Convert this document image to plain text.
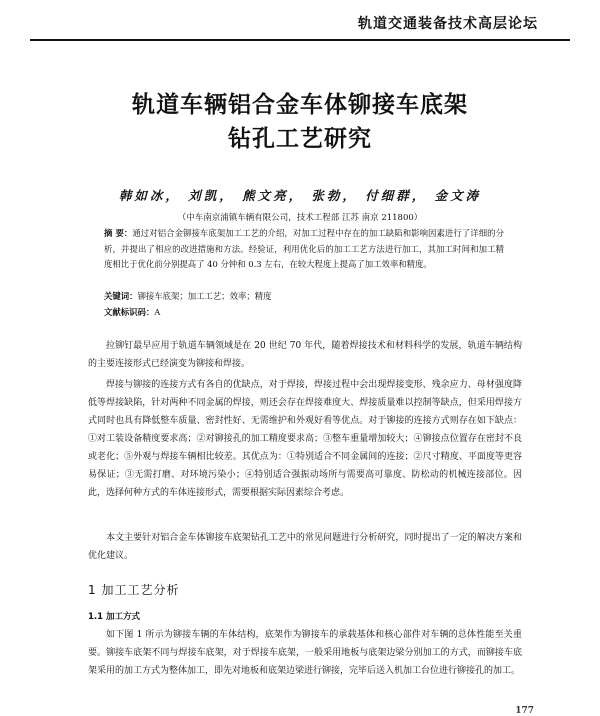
轨道交通装备技术高层论坛
轨道车辆铝合金车体铆接车底架
钻孔工艺研究
韩如冰， 刘凯， 熊文亮， 张勃， 付细群， 金文涛
（中车南京浦镇车辆有限公司，技术工程部 江苏 南京 211800）
摘 要：通过对铝合金铆接车底架加工工艺的介绍，对加工过程中存在的加工缺陷和影响因素进行了详细的分析，并提出了相应的改进措施和方法。经验证，利用优化后的加工工艺方法进行加工，其加工时间和加工精度相比于优化前分别提高了 40 分钟和 0.3 左右，在较大程度上提高了加工效率和精度。
关键词：铆接车底架；加工工艺；效率；精度
文献标识码：A
拉铆钉最早应用于轨道车辆领域是在 20 世纪 70 年代，随着焊接技术和材料科学的发展，轨道车辆结构的主要连接形式已经演变为铆接和焊接。
焊接与铆接的连接方式有各自的优缺点，对于焊接，焊接过程中会出现焊接变形、残余应力、母材强度降低等焊接缺陷，针对两种不同金属的焊接，则还会存在焊接难度大、焊接质量难以控制等缺点，但采用焊接方式同时也具有降低整车质量、密封性好、无需维护和外观好看等优点。对于铆接的连接方式则存在如下缺点：①对工装设备精度要求高；②对铆接孔的加工精度要求高；③整车重量增加较大；④铆接点位置存在密封不良或老化；⑤外观与焊接车辆相比较差。其优点为：①特别适合不同金属间的连接；②尺寸精度、平面度等更容易保证；③无需打磨、对环境污染小；④特别适合强振动场所与需要高可靠度、防松动的机械连接部位。因此，选择何种方式的车体连接形式，需要根据实际因素综合考虑。
本文主要针对铝合金车体铆接车底架钻孔工艺中的常见问题进行分析研究，同时提出了一定的解决方案和优化建议。
1 加工工艺分析
1.1 加工方式
如下图 1 所示为铆接车辆的车体结构，底架作为铆接车的承载基体和核心部件对车辆的总体性能至关重要。铆接车底架不同与焊接车底架，对于焊接车底架，一般采用地板与底架边梁分别加工的方式，而铆接车底架采用的加工方式为整体加工，即先对地板和底架边梁进行铆接，完毕后送入机加工台位进行铆接孔的加工。
177
